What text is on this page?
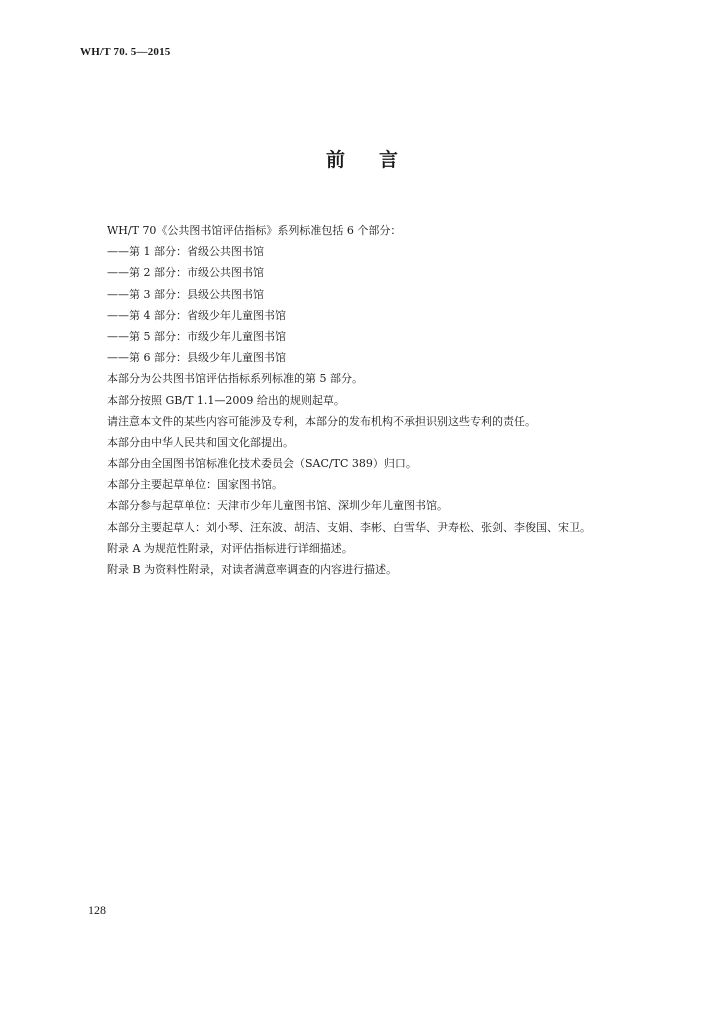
WH/T 70. 5—2015
前 言
WH/T 70《公共图书馆评估指标》系列标准包括 6 个部分：
——第 1 部分：省级公共图书馆
——第 2 部分：市级公共图书馆
——第 3 部分：县级公共图书馆
——第 4 部分：省级少年儿童图书馆
——第 5 部分：市级少年儿童图书馆
——第 6 部分：县级少年儿童图书馆
本部分为公共图书馆评估指标系列标准的第 5 部分。
本部分按照 GB/T 1.1—2009 给出的规则起草。
请注意本文件的某些内容可能涉及专利，本部分的发布机构不承担识别这些专利的责任。
本部分由中华人民共和国文化部提出。
本部分由全国图书馆标准化技术委员会（SAC/TC 389）归口。
本部分主要起草单位：国家图书馆。
本部分参与起草单位：天津市少年儿童图书馆、深圳少年儿童图书馆。
本部分主要起草人：刘小琴、汪东波、胡洁、支娟、李彬、白雪华、尹寿松、张剑、李俊国、宋卫。
附录 A 为规范性附录，对评估指标进行详细描述。
附录 B 为资料性附录，对读者满意率调查的内容进行描述。
128
